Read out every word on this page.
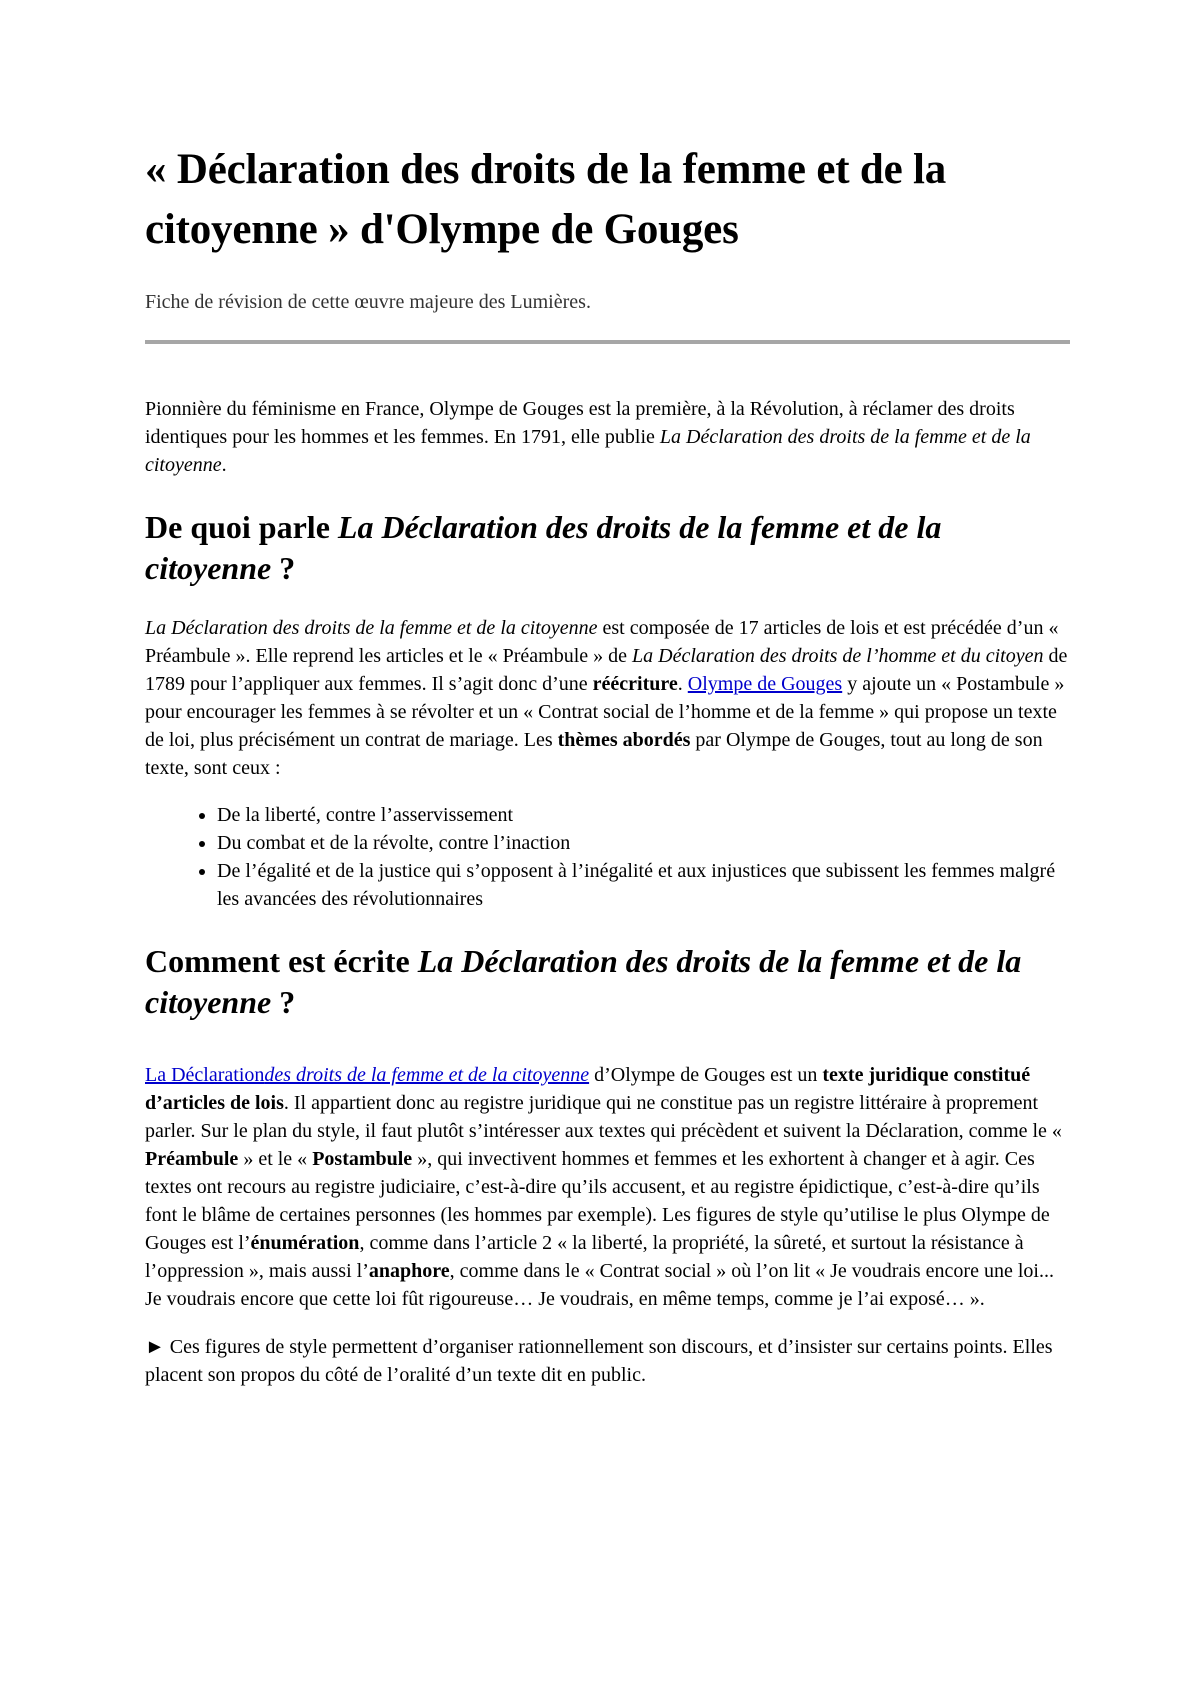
« Déclaration des droits de la femme et de la citoyenne » d'Olympe de Gouges
Fiche de révision de cette œuvre majeure des Lumières.

Pionnière du féminisme en France, Olympe de Gouges est la première, à la Révolution, à réclamer des droits identiques pour les hommes et les femmes. En 1791, elle publie La Déclaration des droits de la femme et de la citoyenne.

De quoi parle La Déclaration des droits de la femme et de la citoyenne ?

La Déclaration des droits de la femme et de la citoyenne est composée de 17 articles de lois et est précédée d’un « Préambule ». Elle reprend les articles et le « Préambule » de La Déclaration des droits de l’homme et du citoyen de 1789 pour l’appliquer aux femmes. Il s’agit donc d’une réécriture. Olympe de Gouges y ajoute un « Postambule » pour encourager les femmes à se révolter et un « Contrat social de l’homme et de la femme » qui propose un texte de loi, plus précisément un contrat de mariage. Les thèmes abordés par Olympe de Gouges, tout au long de son texte, sont ceux :

• De la liberté, contre l’asservissement
• Du combat et de la révolte, contre l’inaction
• De l’égalité et de la justice qui s’opposent à l’inégalité et aux injustices que subissent les femmes malgré les avancées des révolutionnaires
Comment est écrite La Déclaration des droits de la femme et de la citoyenne ?

La Déclarationdes droits de la femme et de la citoyenne d’Olympe de Gouges est un texte juridique constitué d’articles de lois. Il appartient donc au registre juridique qui ne constitue pas un registre littéraire à proprement parler. Sur le plan du style, il faut plutôt s’intéresser aux textes qui précèdent et suivent la Déclaration, comme le « Préambule » et le « Postambule », qui invectivent hommes et femmes et les exhortent à changer et à agir. Ces textes ont recours au registre judiciaire, c’est-à-dire qu’ils accusent, et au registre épidictique, c’est-à-dire qu’ils font le blâme de certaines personnes (les hommes par exemple). Les figures de style qu’utilise le plus Olympe de Gouges est l’énumération, comme dans l’article 2 « la liberté, la propriété, la sûreté, et surtout la résistance à l’oppression », mais aussi l’anaphore, comme dans le « Contrat social » où l’on lit « Je voudrais encore une loi... Je voudrais encore que cette loi fût rigoureuse… Je voudrais, en même temps, comme je l’ai exposé… ».

► Ces figures de style permettent d’organiser rationnellement son discours, et d’insister sur certains points. Elles placent son propos du côté de l’oralité d’un texte dit en public.
